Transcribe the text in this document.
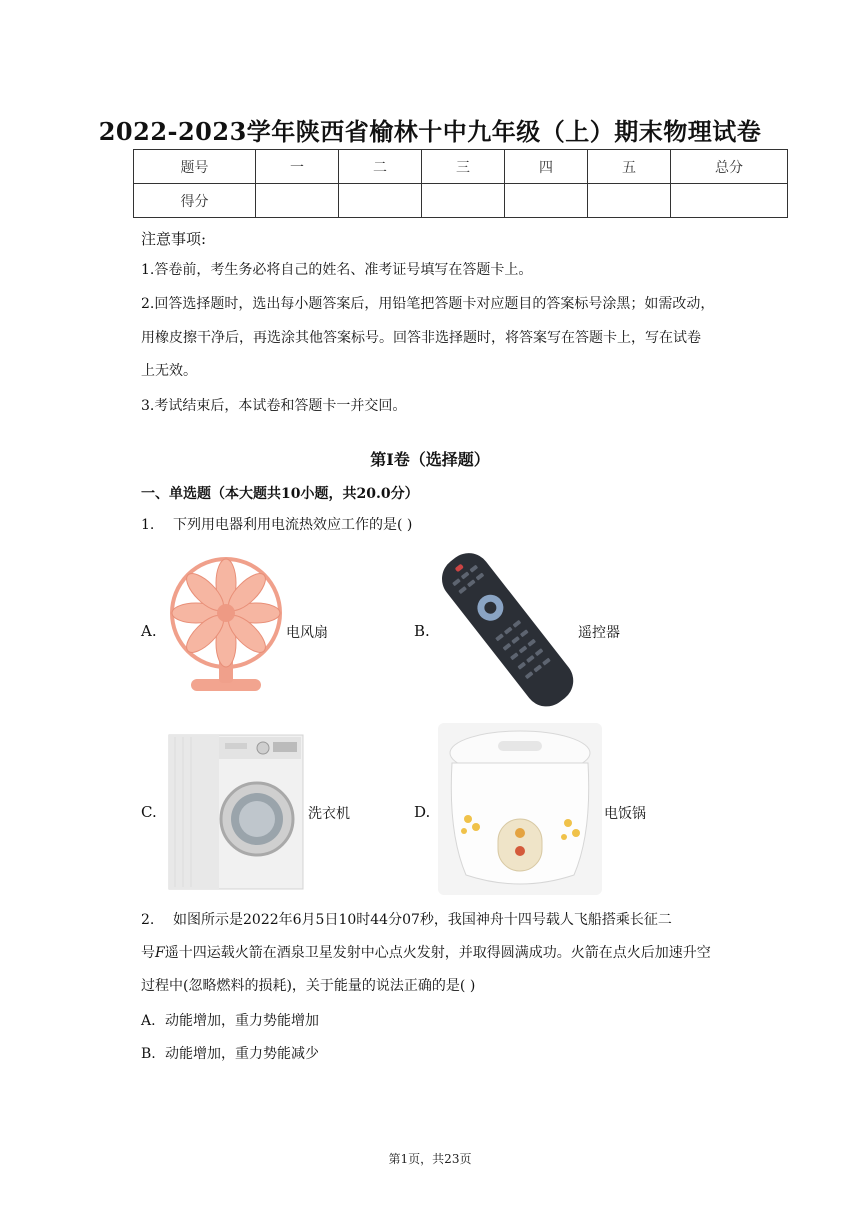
2022-2023学年陕西省榆林十中九年级（上）期末物理试卷
题号	一	二	三	四	五	总分
得分						
注意事项:
1.答卷前，考生务必将自己的姓名、准考证号填写在答题卡上。
2.回答选择题时，选出每小题答案后，用铅笔把答题卡对应题目的答案标号涂黑；如需改动，
用橡皮擦干净后，再选涂其他答案标号。回答非选择题时，将答案写在答题卡上，写在试卷
上无效。
3.考试结束后，本试卷和答题卡一并交回。
第I卷（选择题）
一、单选题（本大题共10小题，共20.0分）
1. 下列用电器利用电流热效应工作的是( )
A.	电风扇	B.	遥控器
C.	洗衣机	D.	电饭锅
2. 如图所示是2022年6月5日10时44分07秒，我国神舟十四号载人飞船搭乘长征二
号F遥十四运载火箭在酒泉卫星发射中心点火发射，并取得圆满成功。火箭在点火后加速升空
过程中(忽略燃料的损耗)，关于能量的说法正确的是( )
A. 动能增加，重力势能增加
B. 动能增加，重力势能减少
第1页，共23页
